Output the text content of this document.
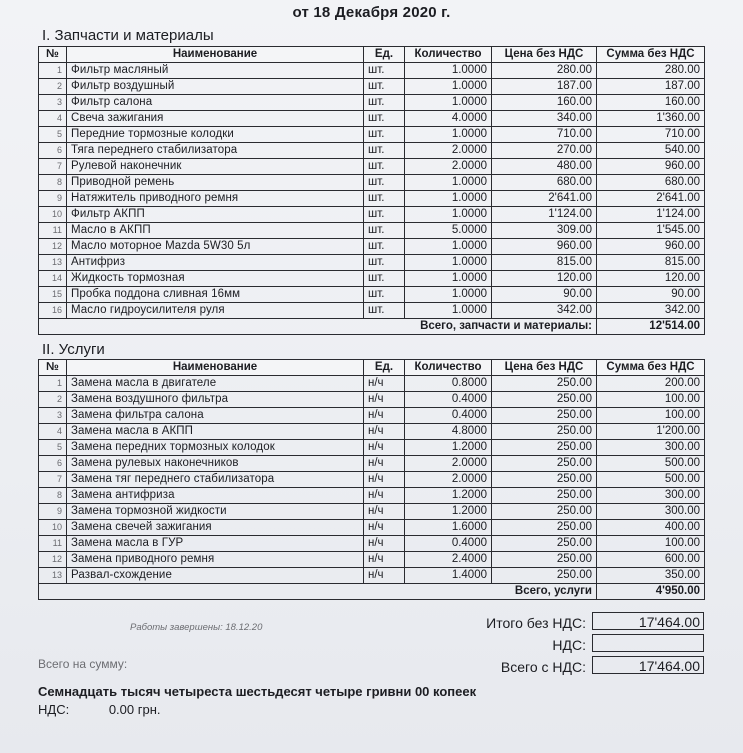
от 18 Декабря 2020 г.
I. Запчасти и материалы
№	Наименование	Ед.	Количество	Цена без НДС	Сумма без НДС
1	Фильтр масляный	шт.	1.0000	280.00	280.00
2	Фильтр воздушный	шт.	1.0000	187.00	187.00
3	Фильтр салона	шт.	1.0000	160.00	160.00
4	Свеча зажигания	шт.	4.0000	340.00	1'360.00
5	Передние тормозные колодки	шт.	1.0000	710.00	710.00
6	Тяга переднего стабилизатора	шт.	2.0000	270.00	540.00
7	Рулевой наконечник	шт.	2.0000	480.00	960.00
8	Приводной ремень	шт.	1.0000	680.00	680.00
9	Натяжитель приводного ремня	шт.	1.0000	2'641.00	2'641.00
10	Фильтр АКПП	шт.	1.0000	1'124.00	1'124.00
11	Масло в АКПП	шт.	5.0000	309.00	1'545.00
12	Масло моторное Mazda 5W30 5л	шт.	1.0000	960.00	960.00
13	Антифриз	шт.	1.0000	815.00	815.00
14	Жидкость тормозная	шт.	1.0000	120.00	120.00
15	Пробка поддона сливная 16мм	шт.	1.0000	90.00	90.00
16	Масло гидроусилителя руля	шт.	1.0000	342.00	342.00
Всего, запчасти и материалы:					12'514.00
II. Услуги
№	Наименование	Ед.	Количество	Цена без НДС	Сумма без НДС
1	Замена масла в двигателе	н/ч	0.8000	250.00	200.00
2	Замена воздушного фильтра	н/ч	0.4000	250.00	100.00
3	Замена фильтра салона	н/ч	0.4000	250.00	100.00
4	Замена масла в АКПП	н/ч	4.8000	250.00	1'200.00
5	Замена передних тормозных колодок	н/ч	1.2000	250.00	300.00
6	Замена рулевых наконечников	н/ч	2.0000	250.00	500.00
7	Замена тяг переднего стабилизатора	н/ч	2.0000	250.00	500.00
8	Замена антифриза	н/ч	1.2000	250.00	300.00
9	Замена тормозной жидкости	н/ч	1.2000	250.00	300.00
10	Замена свечей зажигания	н/ч	1.6000	250.00	400.00
11	Замена масла в ГУР	н/ч	0.4000	250.00	100.00
12	Замена приводного ремня	н/ч	2.4000	250.00	600.00
13	Развал-схождение	н/ч	1.4000	250.00	350.00
Всего, услуги					4'950.00
Работы завершены: 18.12.20
Всего на сумму:
Итого без НДС:	17'464.00
НДС:
Всего с НДС:	17'464.00
Семнадцать тысяч четыреста шестьдесят четыре гривни 00 копеек
НДС:	0.00 грн.
